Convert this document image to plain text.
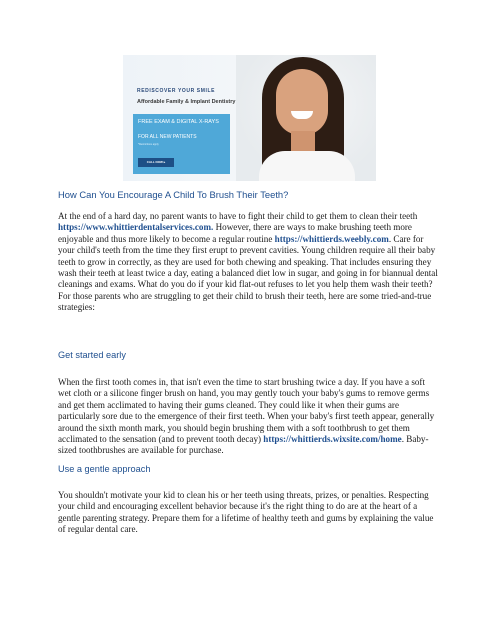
REDISCOVER YOUR SMILE
Affordable Family & Implant Dentistry
FREE EXAM & DIGITAL X-RAYS
FOR ALL NEW PATIENTS
*Restrictions apply
CALL NOW ▸
How Can You Encourage A Child To Brush Their Teeth?

At the end of a hard day, no parent wants to have to fight their child to get them to clean their teeth https://www.whittierdentalservices.com. However, there are ways to make brushing teeth more enjoyable and thus more likely to become a regular routine https://whittierds.weebly.com. Care for your child's teeth from the time they first erupt to prevent cavities. Young children require all their baby teeth to grow in correctly, as they are used for both chewing and speaking. That includes ensuring they wash their teeth at least twice a day, eating a balanced diet low in sugar, and going in for biannual dental cleanings and exams. What do you do if your kid flat-out refuses to let you help them wash their teeth? For those parents who are struggling to get their child to brush their teeth, here are some tried-and-true strategies:

Get started early

When the first tooth comes in, that isn't even the time to start brushing twice a day. If you have a soft wet cloth or a silicone finger brush on hand, you may gently touch your baby's gums to remove germs and get them acclimated to having their gums cleaned. They could like it when their gums are particularly sore due to the emergence of their first teeth. When your baby's first teeth appear, generally around the sixth month mark, you should begin brushing them with a soft toothbrush to get them acclimated to the sensation (and to prevent tooth decay) https://whittierds.wixsite.com/home. Baby-sized toothbrushes are available for purchase.

Use a gentle approach

You shouldn't motivate your kid to clean his or her teeth using threats, prizes, or penalties. Respecting your child and encouraging excellent behavior because it's the right thing to do are at the heart of a gentle parenting strategy. Prepare them for a lifetime of healthy teeth and gums by explaining the value of regular dental care.
